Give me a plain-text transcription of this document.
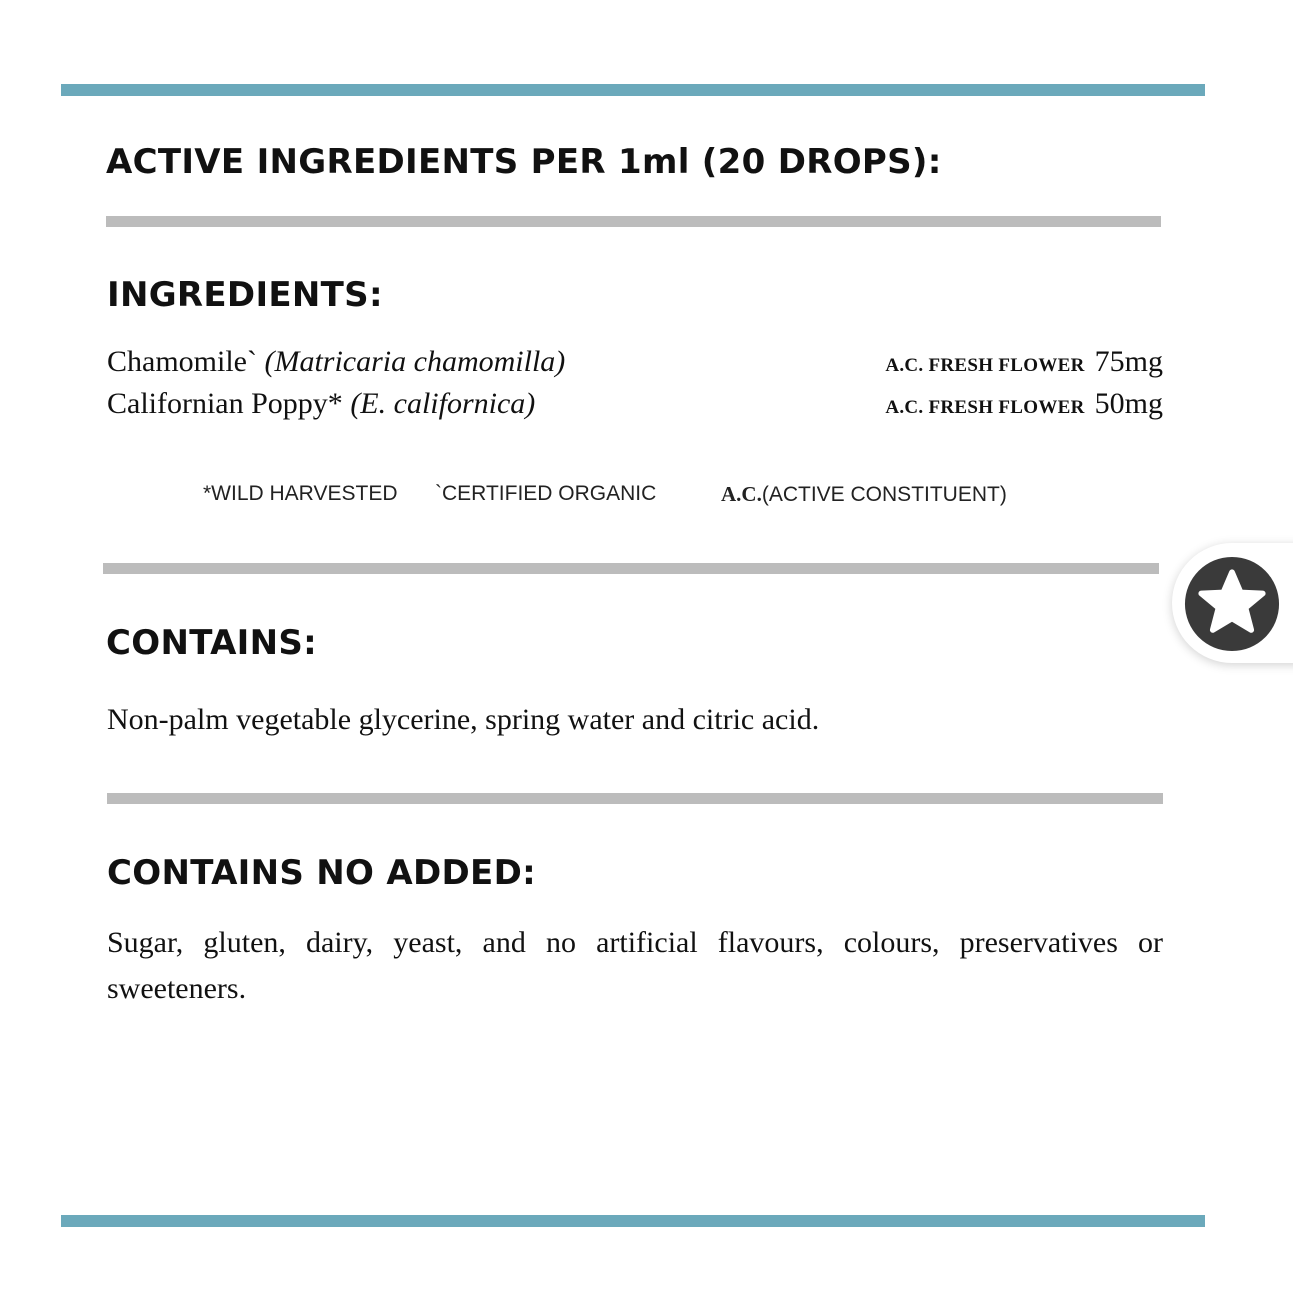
ACTIVE INGREDIENTS PER 1ml (20 DROPS):
INGREDIENTS:
Chamomile` (Matricaria chamomilla)	A.C. FRESH FLOWER 75mg
Californian Poppy* (E. californica)	A.C. FRESH FLOWER 50mg
*WILD HARVESTED `CERTIFIED ORGANIC	A.C.(ACTIVE CONSTITUENT)
CONTAINS:

Non-palm vegetable glycerine, spring water and citric acid.

CONTAINS NO ADDED:

Sugar, gluten, dairy, yeast, and no artificial flavours, colours, preservatives or sweeteners.
